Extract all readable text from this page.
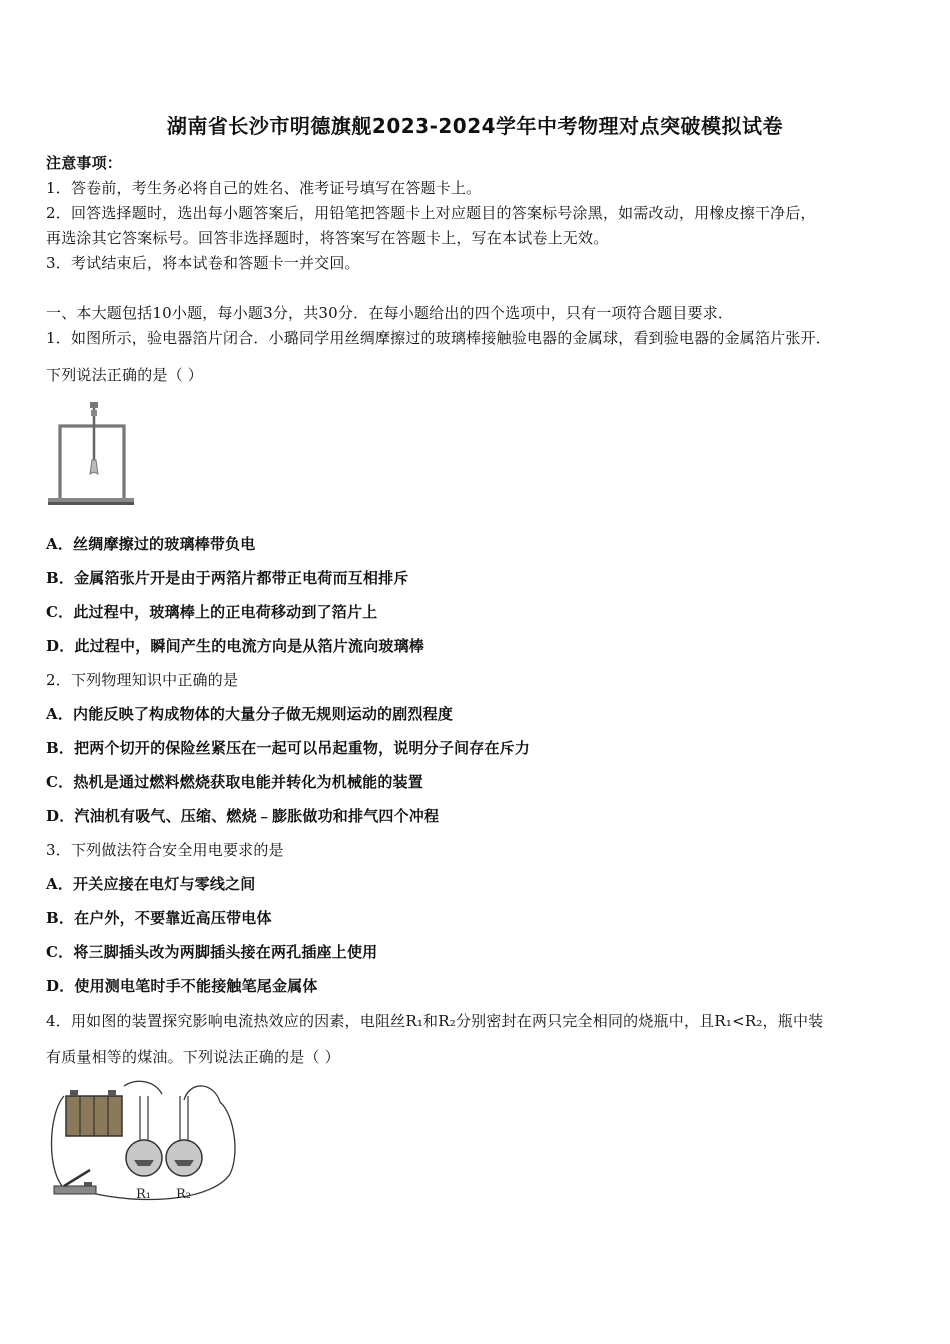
湖南省长沙市明德旗舰2023-2024学年中考物理对点突破模拟试卷
注意事项：
1．答卷前，考生务必将自己的姓名、准考证号填写在答题卡上。
2．回答选择题时，选出每小题答案后，用铅笔把答题卡上对应题目的答案标号涂黑，如需改动，用橡皮擦干净后，
再选涂其它答案标号。回答非选择题时，将答案写在答题卡上，写在本试卷上无效。
3．考试结束后，将本试卷和答题卡一并交回。
一、本大题包括10小题，每小题3分，共30分．在每小题给出的四个选项中，只有一项符合题目要求．
1．如图所示，验电器箔片闭合．小璐同学用丝绸摩擦过的玻璃棒接触验电器的金属球，看到验电器的金属箔片张开．
下列说法正确的是（ ）
A．丝绸摩擦过的玻璃棒带负电
B．金属箔张片开是由于两箔片都带正电荷而互相排斥
C．此过程中，玻璃棒上的正电荷移动到了箔片上
D．此过程中，瞬间产生的电流方向是从箔片流向玻璃棒
2．下列物理知识中正确的是
A．内能反映了构成物体的大量分子做无规则运动的剧烈程度
B．把两个切开的保险丝紧压在一起可以吊起重物，说明分子间存在斥力
C．热机是通过燃料燃烧获取电能并转化为机械能的装置
D．汽油机有吸气、压缩、燃烧﹣膨胀做功和排气四个冲程
3．下列做法符合安全用电要求的是
A．开关应接在电灯与零线之间
B．在户外，不要靠近高压带电体
C．将三脚插头改为两脚插头接在两孔插座上使用
D．使用测电笔时手不能接触笔尾金属体
4．用如图的装置探究影响电流热效应的因素，电阻丝R₁和R₂分别密封在两只完全相同的烧瓶中，且R₁<R₂，瓶中装
有质量相等的煤油。下列说法正确的是（ ）
R₁ R₂
